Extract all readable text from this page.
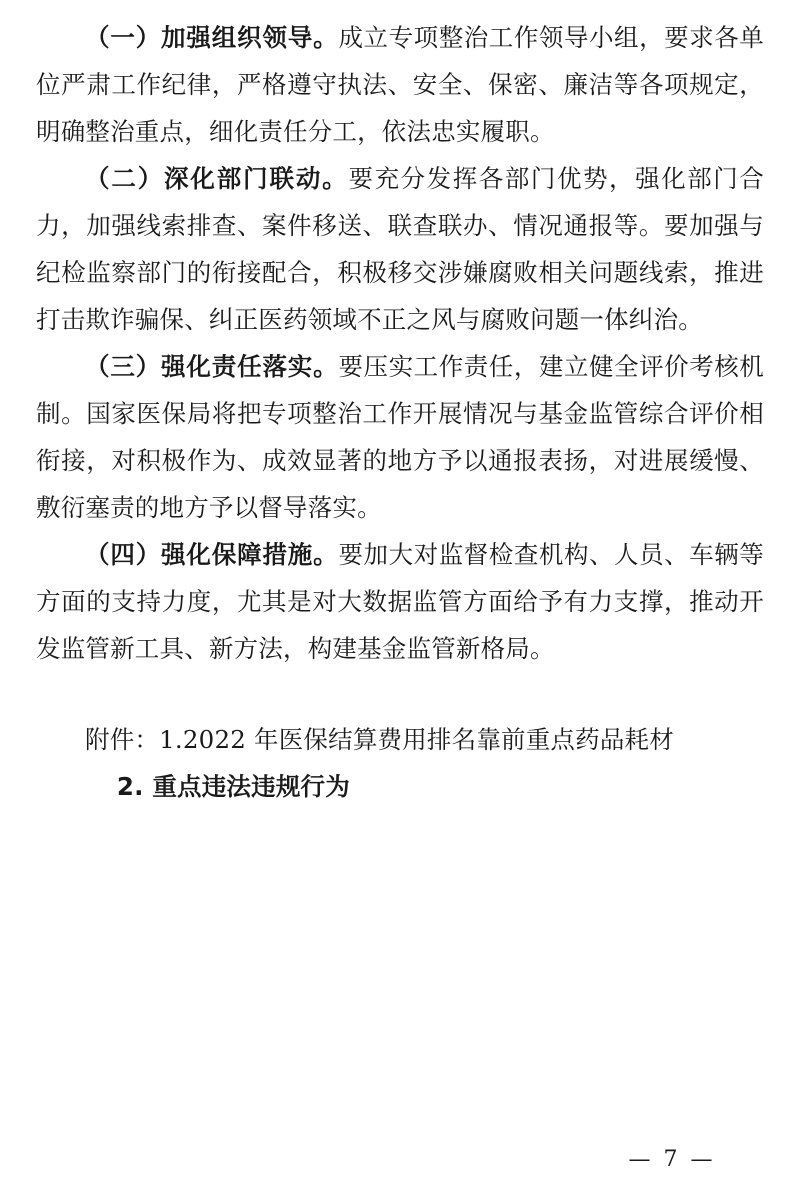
（一）加强组织领导。成立专项整治工作领导小组，要求各单位严肃工作纪律，严格遵守执法、安全、保密、廉洁等各项规定，明确整治重点，细化责任分工，依法忠实履职。

（二）深化部门联动。要充分发挥各部门优势，强化部门合力，加强线索排查、案件移送、联查联办、情况通报等。要加强与纪检监察部门的衔接配合，积极移交涉嫌腐败相关问题线索，推进打击欺诈骗保、纠正医药领域不正之风与腐败问题一体纠治。

（三）强化责任落实。要压实工作责任，建立健全评价考核机制。国家医保局将把专项整治工作开展情况与基金监管综合评价相衔接，对积极作为、成效显著的地方予以通报表扬，对进展缓慢、敷衍塞责的地方予以督导落实。

（四）强化保障措施。要加大对监督检查机构、人员、车辆等方面的支持力度，尤其是对大数据监管方面给予有力支撑，推动开发监管新工具、新方法，构建基金监管新格局。

附件：1.2022 年医保结算费用排名靠前重点药品耗材

2. 重点违法违规行为

— 7 —
